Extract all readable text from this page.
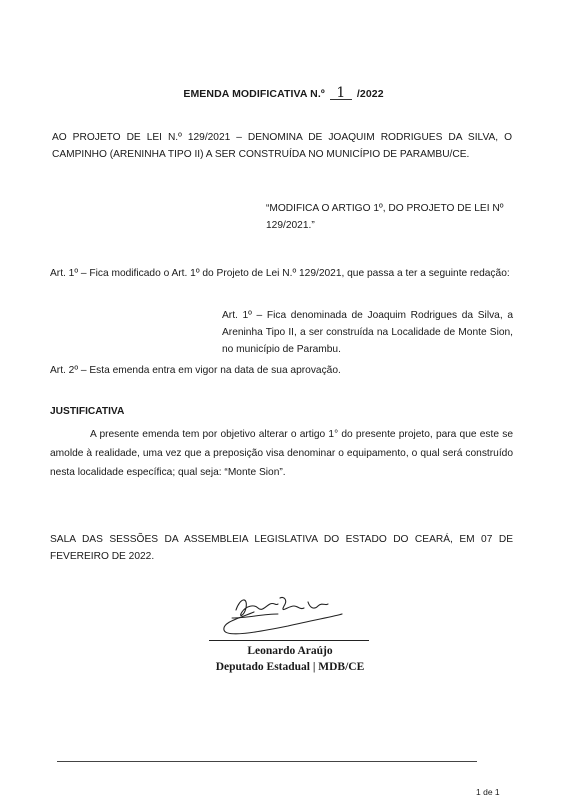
EMENDA MODIFICATIVA N.º 1 /2022
AO PROJETO DE LEI N.º 129/2021 – DENOMINA DE JOAQUIM RODRIGUES DA SILVA, O CAMPINHO (ARENINHA TIPO II) A SER CONSTRUÍDA NO MUNICÍPIO DE PARAMBU/CE.
“MODIFICA O ARTIGO 1º, DO PROJETO DE LEI Nº 129/2021.”
Art. 1º – Fica modificado o Art. 1º do Projeto de Lei N.º 129/2021, que passa a ter a seguinte redação:
Art. 1º – Fica denominada de Joaquim Rodrigues da Silva, a Areninha Tipo II, a ser construída na Localidade de Monte Sion, no município de Parambu.
Art. 2º – Esta emenda entra em vigor na data de sua aprovação.
JUSTIFICATIVA
A presente emenda tem por objetivo alterar o artigo 1° do presente projeto, para que este se amolde à realidade, uma vez que a preposição visa denominar o equipamento, o qual será construído nesta localidade específica; qual seja: “Monte Sion”.
SALA DAS SESSÕES DA ASSEMBLEIA LEGISLATIVA DO ESTADO DO CEARÁ, EM 07 DE FEVEREIRO DE 2022.
Leonardo Araújo
Deputado Estadual | MDB/CE
1 de 1
